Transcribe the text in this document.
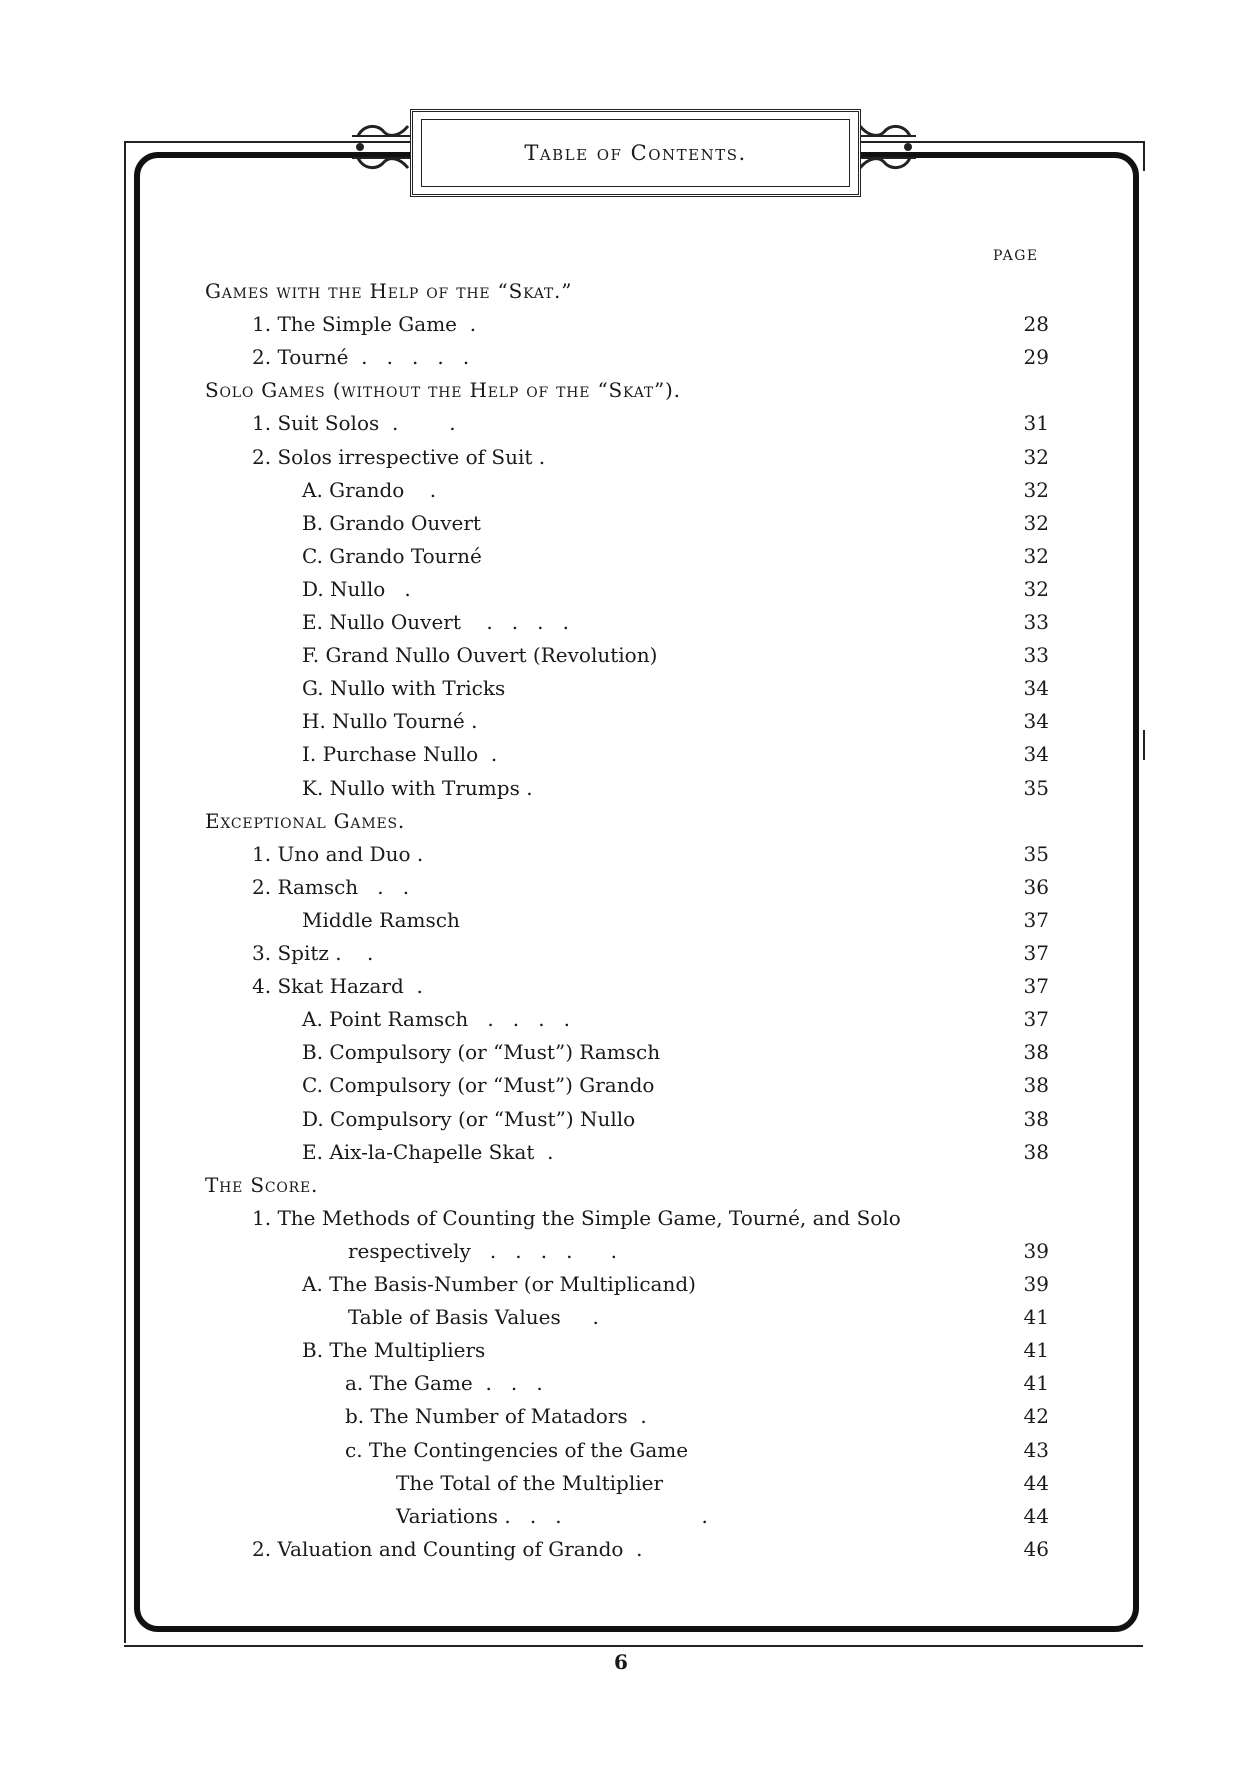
Table of Contents.
PAGE
Games with the Help of the “Skat.”
1. The Simple Game  .	28
2. Tourné  .   .   .   .   .	29
Solo Games (without the Help of the “Skat”).
1. Suit Solos  .        .	31
2. Solos irrespective of Suit .	32
A. Grando    .	32
B. Grando Ouvert	32
C. Grando Tourné	32
D. Nullo   .	32
E. Nullo Ouvert    .   .   .   .	33
F. Grand Nullo Ouvert (Revolution)	33
G. Nullo with Tricks	34
H. Nullo Tourné .	34
I. Purchase Nullo  .	34
K. Nullo with Trumps .	35
Exceptional Games.
1. Uno and Duo .	35
2. Ramsch   .   .	36
Middle Ramsch	37
3. Spitz .    .	37
4. Skat Hazard  .	37
A. Point Ramsch   .   .   .   .	37
B. Compulsory (or “Must”) Ramsch	38
C. Compulsory (or “Must”) Grando	38
D. Compulsory (or “Must”) Nullo	38
E. Aix-la-Chapelle Skat  .	38
The Score.
1. The Methods of Counting the Simple Game, Tourné, and Solo
respectively   .   .   .   .      .	39
A. The Basis-Number (or Multiplicand)	39
Table of Basis Values     .	41
B. The Multipliers	41
a. The Game  .   .   .	41
b. The Number of Matadors  .	42
c. The Contingencies of the Game	43
The Total of the Multiplier	44
Variations .   .   .                      .	44
2. Valuation and Counting of Grando  .	46
6
